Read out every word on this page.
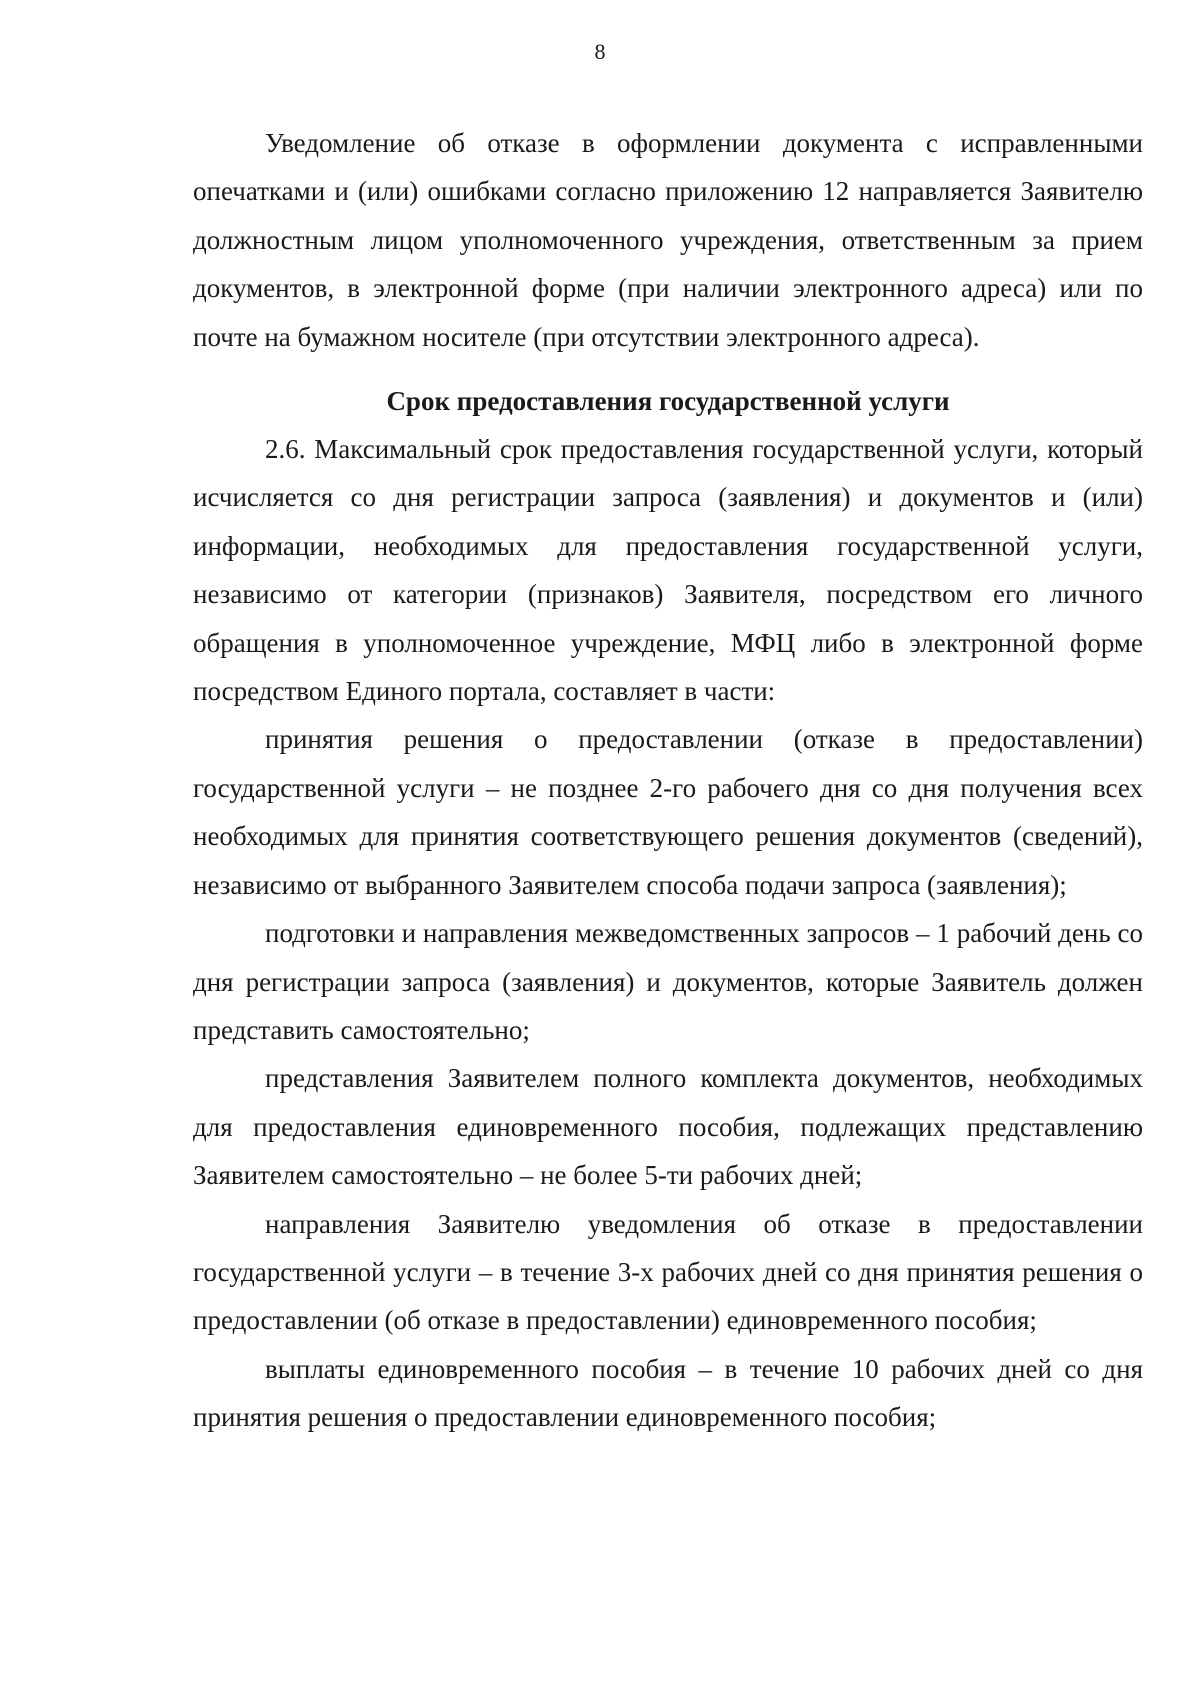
8

Уведомление об отказе в оформлении документа с исправленными опечатками и (или) ошибками согласно приложению 12 направляется Заявителю должностным лицом уполномоченного учреждения, ответственным за прием документов, в электронной форме (при наличии электронного адреса) или по почте на бумажном носителе (при отсутствии электронного адреса).

Срок предоставления государственной услуги

2.6. Максимальный срок предоставления государственной услуги, который исчисляется со дня регистрации запроса (заявления) и документов и (или) информации, необходимых для предоставления государственной услуги, независимо от категории (признаков) Заявителя, посредством его личного обращения в уполномоченное учреждение, МФЦ либо в электронной форме посредством Единого портала, составляет в части:

принятия решения о предоставлении (отказе в предоставлении) государственной услуги – не позднее 2-го рабочего дня со дня получения всех необходимых для принятия соответствующего решения документов (сведений), независимо от выбранного Заявителем способа подачи запроса (заявления);

подготовки и направления межведомственных запросов – 1 рабочий день со дня регистрации запроса (заявления) и документов, которые Заявитель должен представить самостоятельно;

представления Заявителем полного комплекта документов, необходимых для предоставления единовременного пособия, подлежащих представлению Заявителем самостоятельно – не более 5-ти рабочих дней;

направления Заявителю уведомления об отказе в предоставлении государственной услуги – в течение 3-х рабочих дней со дня принятия решения о предоставлении (об отказе в предоставлении) единовременного пособия;

выплаты единовременного пособия – в течение 10 рабочих дней со дня принятия решения о предоставлении единовременного пособия;
